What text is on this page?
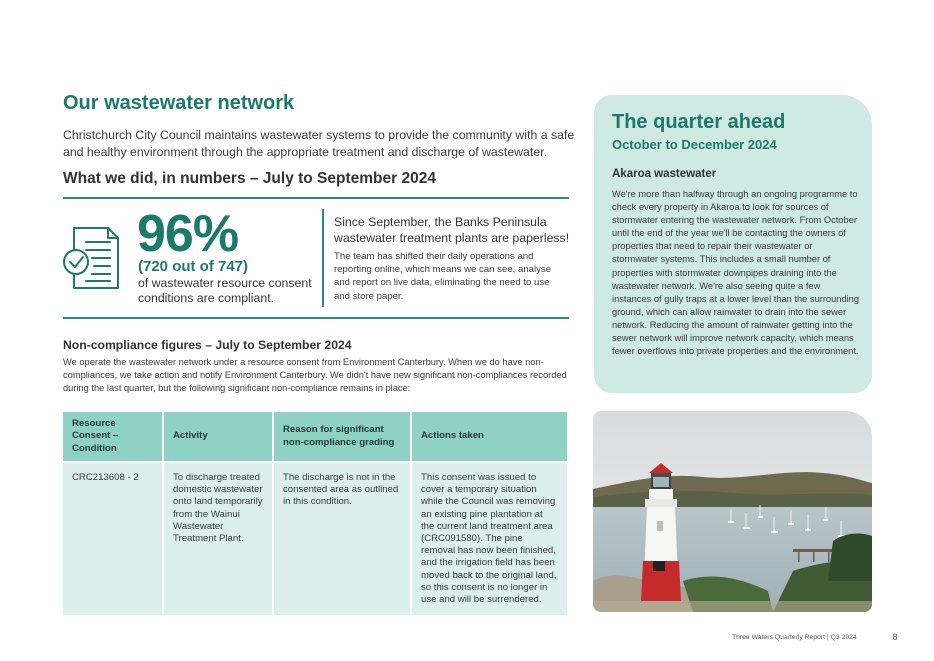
Our wastewater network
Christchurch City Council maintains wastewater systems to provide the community with a safe and healthy environment through the appropriate treatment and discharge of wastewater.
What we did, in numbers – July to September 2024
96%
(720 out of 747)
of wastewater resource consent conditions are compliant.
Since September, the Banks Peninsula wastewater treatment plants are paperless!
The team has shifted their daily operations and reporting online, which means we can see, analyse and report on live data, eliminating the need to use and store paper.
Non-compliance figures – July to September 2024
We operate the wastewater network under a resource consent from Environment Canterbury. When we do have non-compliances, we take action and notify Environment Canterbury. We didn't have new significant non-compliances recorded during the last quarter, but the following significant non-compliance remains in place:
Resource Consent – Condition	Activity	Reason for significant non-compliance grading	Actions taken
CRC213608 - 2	To discharge treated domestic wastewater onto land temporarily from the Wainui Wastewater Treatment Plant.	The discharge is not in the consented area as outlined in this condition.	This consent was issued to cover a temporary situation while the Council was removing an existing pine plantation at the current land treatment area (CRC091580). The pine removal has now been finished, and the irrigation field has been moved back to the original land, so this consent is no longer in use and will be surrendered.
The quarter ahead
October to December 2024
Akaroa wastewater
We're more than halfway through an ongoing programme to check every property in Akaroa to look for sources of stormwater entering the wastewater network. From October until the end of the year we'll be contacting the owners of properties that need to repair their wastewater or stormwater systems. This includes a small number of properties with stormwater downpipes draining into the wastewater network. We're also seeing quite a few instances of gully traps at a lower level than the surrounding ground, which can allow rainwater to drain into the sewer network. Reducing the amount of rainwater getting into the sewer network will improve network capacity, which means fewer overflows into private properties and the environment.
Three Waters Quarterly Report | Q3 2024	8
